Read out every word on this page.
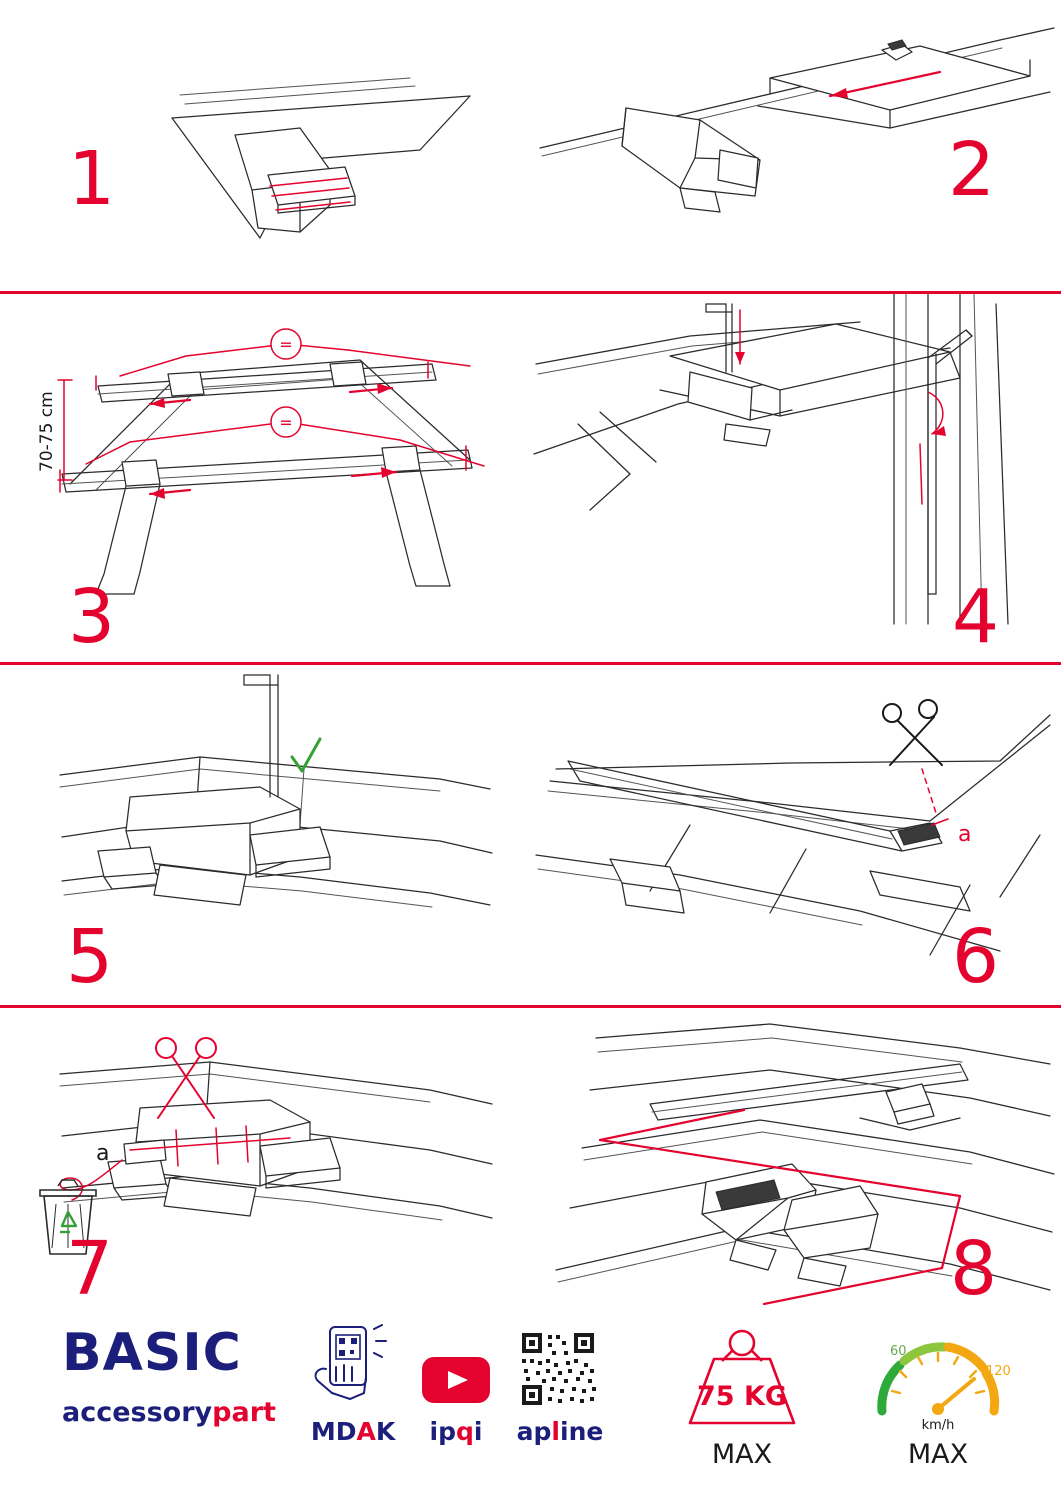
1	2
=
=
70-75 cm
3	4
5
a
6
a
7	8
BASIC
accessorypart
MDAK	ipqi	apline
75 KG
MAX
60
120
km/h
MAX
